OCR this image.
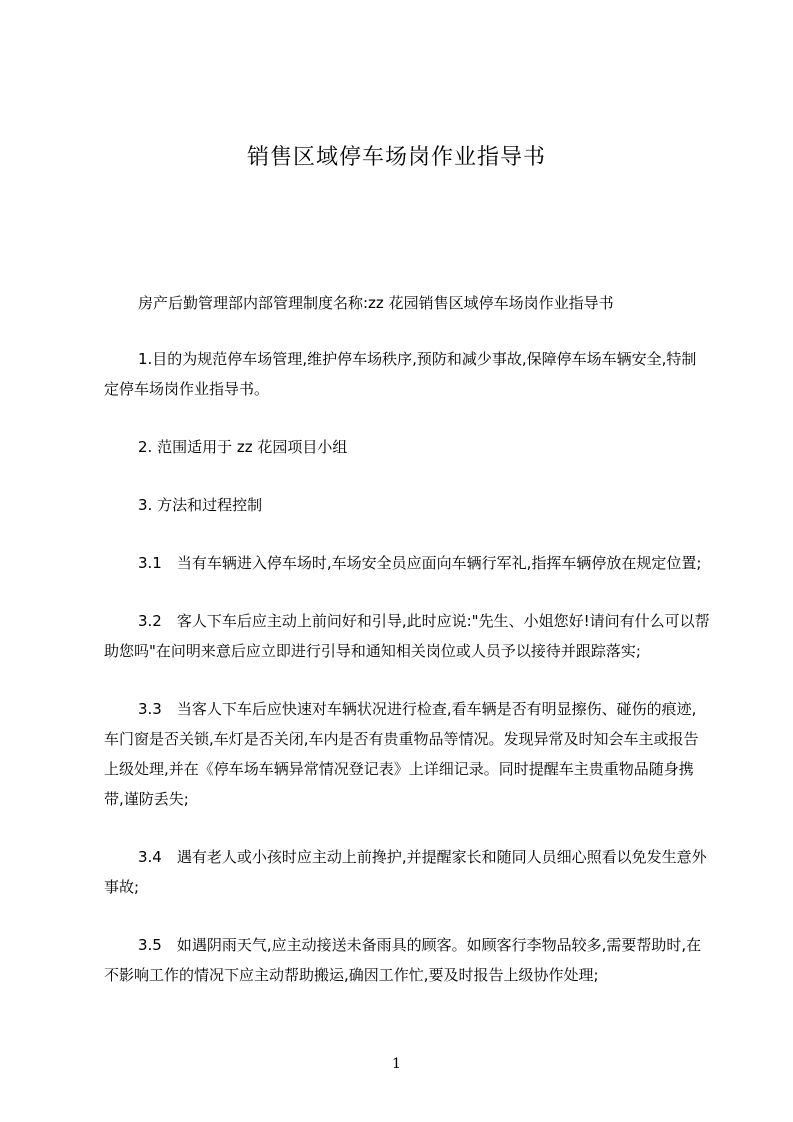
销售区域停车场岗作业指导书

房产后勤管理部内部管理制度名称:zz 花园销售区域停车场岗作业指导书

1.目的为规范停车场管理,维护停车场秩序,预防和减少事故,保障停车场车辆安全,特制定停车场岗作业指导书。

2. 范围适用于 zz 花园项目小组

3. 方法和过程控制

3.1　当有车辆进入停车场时,车场安全员应面向车辆行军礼,指挥车辆停放在规定位置;

3.2　客人下车后应主动上前问好和引导,此时应说:"先生、小姐您好!请问有什么可以帮助您吗"在问明来意后应立即进行引导和通知相关岗位或人员予以接待并跟踪落实;

3.3　当客人下车后应快速对车辆状况进行检查,看车辆是否有明显擦伤、碰伤的痕迹,车门窗是否关锁,车灯是否关闭,车内是否有贵重物品等情况。发现异常及时知会车主或报告上级处理,并在《停车场车辆异常情况登记表》上详细记录。同时提醒车主贵重物品随身携带,谨防丢失;

3.4　遇有老人或小孩时应主动上前搀护,并提醒家长和随同人员细心照看以免发生意外事故;

3.5　如遇阴雨天气,应主动接送未备雨具的顾客。如顾客行李物品较多,需要帮助时,在不影响工作的情况下应主动帮助搬运,确因工作忙,要及时报告上级协作处理;

1
